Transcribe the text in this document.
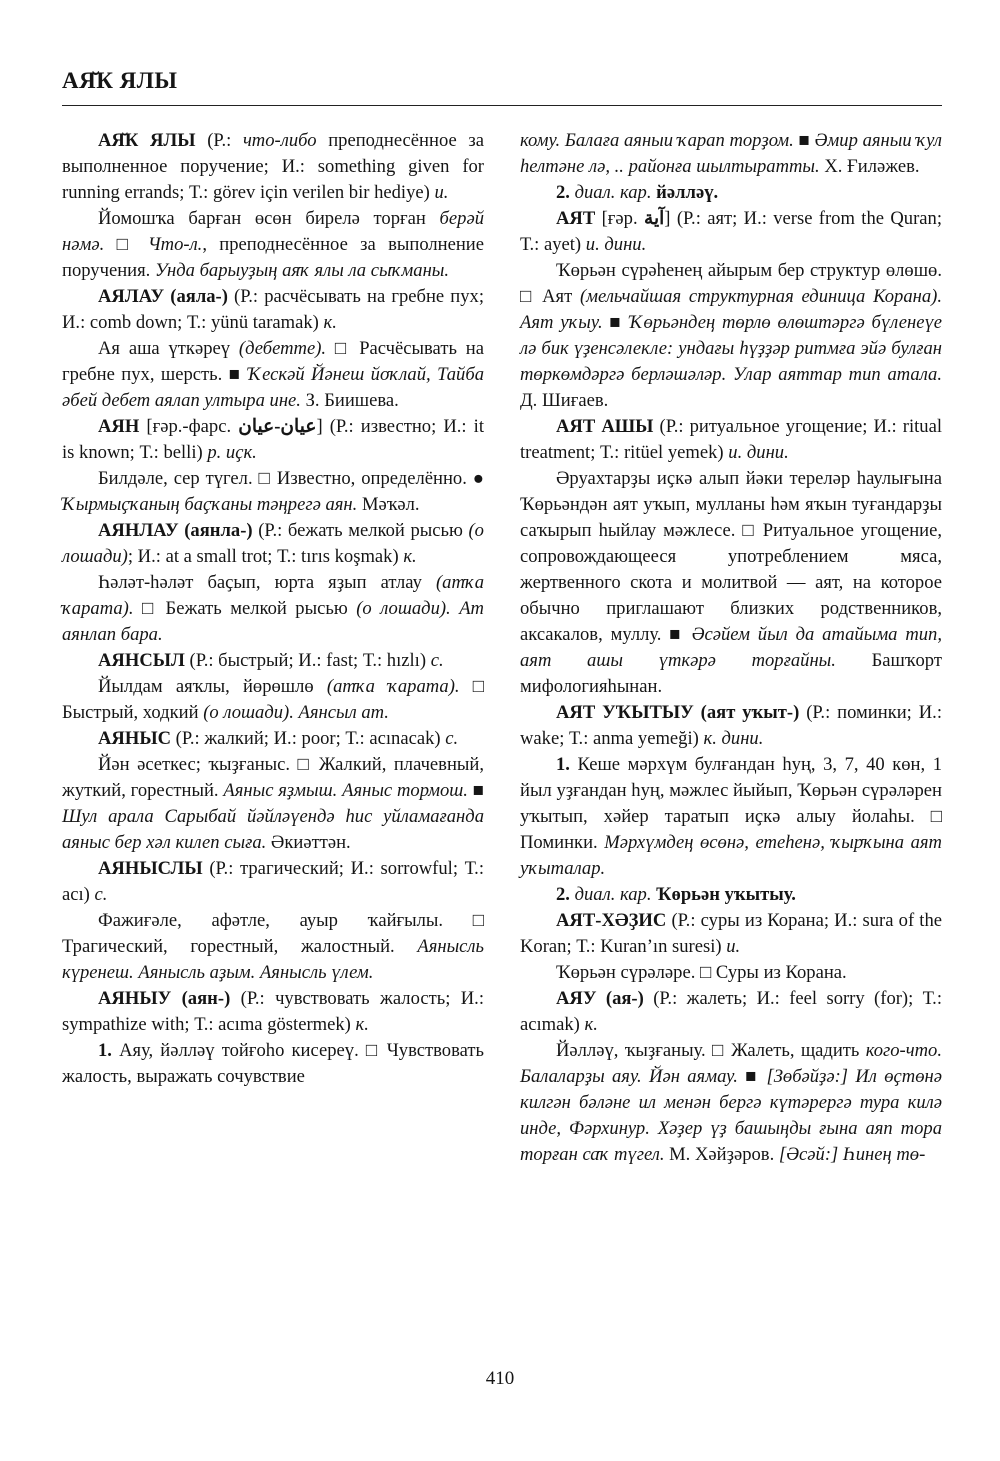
АЯ̆К ЯЛЫ

АЯ̆К ЯЛЫ (Р.: что-либо преподнесённое за выполненное поручение; И.: something given for running errands; Т.: görev için verilen bir hediye) и.

Йомошҡа барған өсөн бирелә торған берәй нәмә. □ Что-л., преподнесённое за выполнение поручения. Унда барыуҙың аяҡ ялы ла сыҡманы.

АЯЛАУ (аяла-) (Р.: расчёсывать на гребне пух; И.: comb down; Т.: yünü taramak) к.

Ая аша үткәреү (дебетте). □ Расчёсывать на гребне пух, шерсть. ■ Ҡескәй Йәнеш йоҡлай, Тайба әбей дебет аялап ултыра ине. З. Биишева.

АЯН [ғәр.-фарс. عيان-عيان] (Р.: известно; И.: it is known; Т.: belli) р. иҫк.

Билдәле, сер түгел. □ Известно, определённо. ● Ҡырмыҫҡаның баҫҡаны тәңрегә аян. Мәҡәл.

АЯНЛАУ (аянла-) (Р.: бежать мелкой рысью (о лошади); И.: at a small trot; Т.: tırıs koşmak) к.

Һәләт-һәләт баҫып, юрта яҙып атлау (атҡа ҡарата). □ Бежать мелкой рысью (о лошади). Ат аянлап бара.

АЯНСЫЛ (Р.: быстрый; И.: fast; Т.: hızlı) с.

Йылдам аяҡлы, йөрөшлө (атҡа ҡарата). □ Быстрый, ходкий (о лошади). Аянсыл ат.

АЯНЫС (Р.: жалкий; И.: poor; Т.: acınacak) с.

Йән әсеткес; ҡыҙғаныс. □ Жалкий, плачевный, жуткий, горестный. Аяныс яҙмыш. Аяныс тормош. ■ Шул арала Сарыбай йәйләүендә һис уйламағанда аяныс бер хәл килеп сыға. Әкиәттән.

АЯНЫСЛЫ (Р.: трагический; И.: sorrowful; Т.: acı) с.

Фажиғәле, афәтле, ауыр ҡайғылы. □ Трагический, горестный, жалостный. Аянысль күренеш. Аянысль аҙым. Аянысль үлем.

АЯНЫУ (аян-) (Р.: чувствовать жалость; И.: sympathize with; Т.: acıma göstermek) к.

1. Аяу, йәлләү тойғоһо кисереү. □ Чувствовать жалость, выражать сочувствие

кому. Балаға аяныи ҡарап торҙом. ■ Әмир аяныи ҡул һелтәне лә, .. районға шылтыратты. Х. Ғиләжев.

2. диал. кар. йәлләү.

АЯТ [ғәр. آية] (Р.: аят; И.: verse from the Quran; Т.: ayet) и. дини.

Ҡөрьән сүрәһенең айырым бер структур өлөшө. □ Аят (мельчайшая структурная единица Корана). Аят уҡыу. ■ Ҡөрьәндең төрлө өлөштәргә бүленеүе лә бик үҙенсәлекле: ундағы һүҙҙәр ритмға эйә булған төркөмдәргә берләшәләр. Улар аяттар тип атала. Д. Шиғаев.

АЯТ АШЫ (Р.: ритуальное угощение; И.: ritual treatment; Т.: ritüel yemek) и. дини.

Әруахтарҙы иҫкә алып йәки тереләр һаулығына Ҡөрьәндән аят уҡып, мулланы һәм яҡын туғандарҙы саҡырып һыйлау мәжлесе. □ Ритуальное угощение, сопровождающееся употреблением мяса, жертвенного скота и молитвой — аят, на которое обычно приглашают близких родственников, аксакалов, муллу. ■ Әсәйем йыл да атайыма тип, аят ашы үткәрә торғайны. Башҡорт мифологияһынан.

АЯТ УҠЫТЫУ (аят уҡыт-) (Р.: поминки; И.: wake; Т.: anma yemeği) к. дини.

1. Кеше мәрхүм булғандан һуң, 3, 7, 40 көн, 1 йыл уҙғандан һуң, мәжлес йыйып, Ҡөрьән сүрәләрен уҡытып, хәйер таратып иҫкә алыу йолаһы. □ Поминки. Мәрхүмдең өсөнә, етеһенә, ҡырҡына аят уҡыталар.

2. диал. кар. Ҡөрьән уҡытыу.

АЯТ-ХӘҘИС (Р.: суры из Корана; И.: sura of the Koran; Т.: Kuran’ın suresi) и.

Ҡөрьән сүрәләре. □ Суры из Корана.

АЯУ (ая-) (Р.: жалеть; И.: feel sorry (for); Т.: acımak) к.

Йәлләү, ҡыҙғаныу. □ Жалеть, щадить кого-что. Балаларҙы аяу. Йән аямау. ■ [Зөбәйҙә:] Ил өҫтөнә килгән бәләне ил менән бергә күтәрергә тура килә инде, Фәрхинур. Хәҙер үҙ башыңды ғына аяп тора торған саҡ түгел. М. Хәйҙәров. [Әсәй:] Һинең тө-

410
